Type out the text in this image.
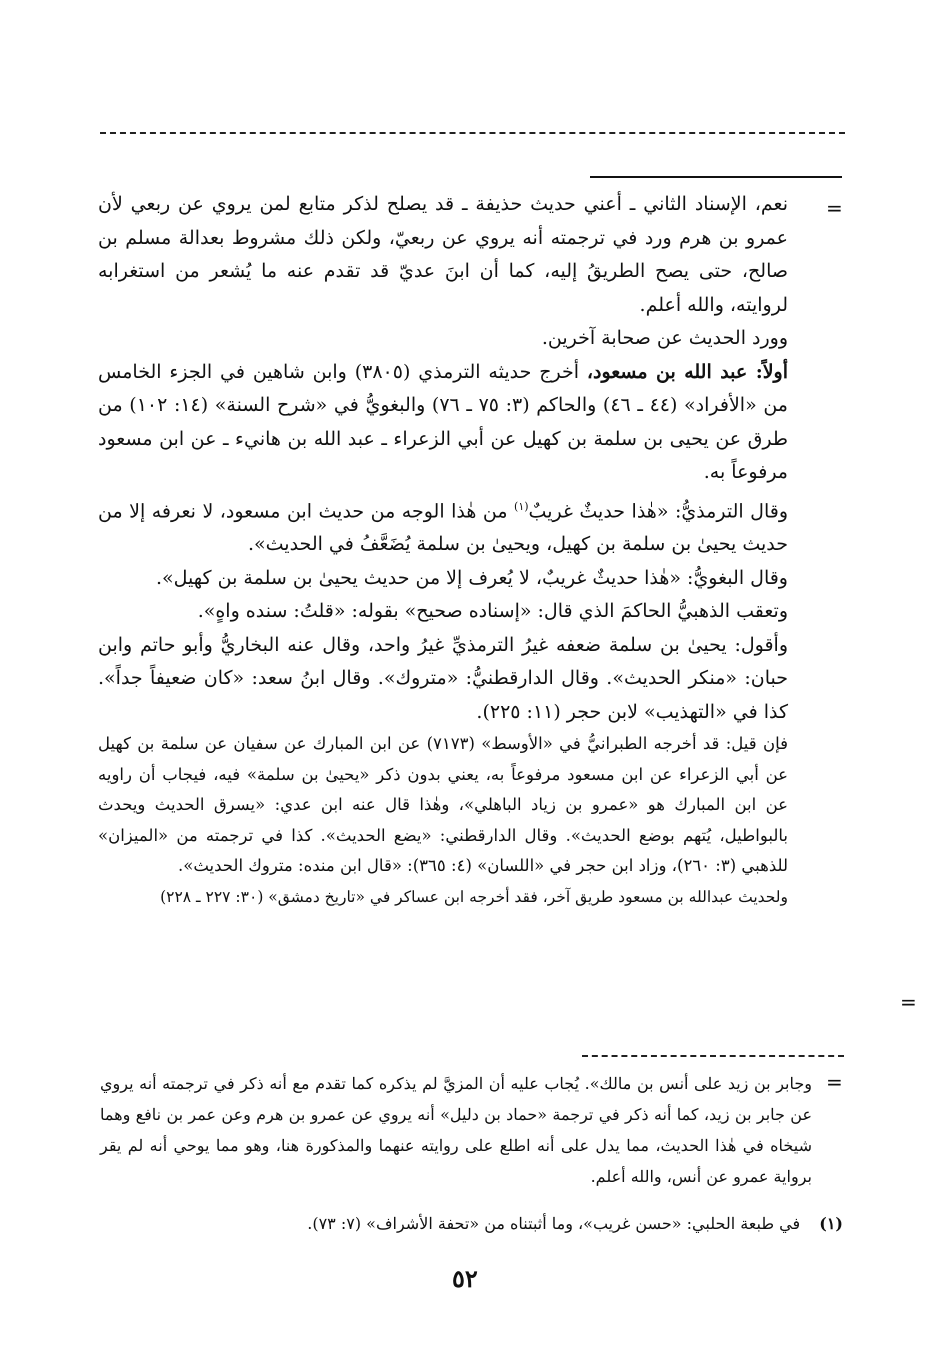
=

نعم، الإسناد الثاني ـ أعني حديث حذيفة ـ قد يصلح لذكر متابع لمن يروي عن ربعي لأن عمرو بن هرم ورد في ترجمته أنه يروي عن ربعيّ، ولكن ذلك مشروط بعدالة مسلم بن صالح، حتى يصح الطريقُ إليه، كما أن ابنَ عديّ قد تقدم عنه ما يُشعر من استغرابه لروايته، والله أعلم.

وورد الحديث عن صحابة آخرين.

أولاً: عبد الله بن مسعود، أخرج حديثه الترمذي (٣٨٠٥) وابن شاهين في الجزء الخامس من «الأفراد» (٤٤ ـ ٤٦) والحاكم (٣: ٧٥ ـ ٧٦) والبغويُّ في «شرح السنة» (١٤: ١٠٢) من طرق عن يحيى بن سلمة بن كهيل عن أبي الزعراء ـ عبد الله بن هانيء ـ عن ابن مسعود مرفوعاً به.

وقال الترمذيُّ: «هٰذا حديثٌ غريبٌ$^{(١)}$ من هٰذا الوجه من حديث ابن مسعود، لا نعرفه إلا من حديث يحيىٰ بن سلمة بن كهيل، ويحيىٰ بن سلمة يُضَعَّفُ في الحديث».

وقال البغويُّ: «هٰذا حديثٌ غريبٌ، لا يُعرف إلا من حديث يحيىٰ بن سلمة بن كهيل».

وتعقب الذهبيُّ الحاكمَ الذي قال: «إسناده صحيح» بقوله: «قلتُ: سنده واهٍ».

وأقول: يحيىٰ بن سلمة ضعفه غيرُ الترمذيِّ غيرُ واحد، وقال عنه البخاريُّ وأبو حاتم وابن حبان: «منكر الحديث». وقال الدارقطنيُّ: «متروك». وقال ابنُ سعد: «كان ضعيفاً جداً». كذا في «التهذيب» لابن حجر (١١: ٢٢٥).

فإن قيل: قد أخرجه الطبرانيُّ في «الأوسط» (٧١٧٣) عن ابن المبارك عن سفيان عن سلمة بن كهيل عن أبي الزعراء عن ابن مسعود مرفوعاً به، يعني بدون ذكر «يحيىٰ بن سلمة» فيه، فيجاب أن راويه عن ابن المبارك هو «عمرو بن زياد الباهلي»، وهٰذا قال عنه ابن عدي: «يسرق الحديث ويحدث بالبواطيل، يُتهم بوضع الحديث». وقال الدارقطني: «يضع الحديث». كذا في ترجمته من «الميزان» للذهبي (٣: ٢٦٠)، وزاد ابن حجر في «اللسان» (٤: ٣٦٥): «قال ابن منده: متروك الحديث».

ولحديث عبدالله بن مسعود طريق آخر، فقد أخرجه ابن عساكر في «تاريخ دمشق» (٣٠: ٢٢٧ ـ ٢٢٨)

=
=

وجابر بن زيد على أنس بن مالك». يُجاب عليه أن المزيَّ لم يذكره كما تقدم مع أنه ذكر في ترجمته أنه يروي عن جابر بن زيد، كما أنه ذكر في ترجمة «حماد بن دليل» أنه يروي عن عمرو بن هرم وعن عمر بن نافع وهما شيخاه في هٰذا الحديث، مما يدل على أنه اطلع على روايته عنهما والمذكورة هنا، وهو مما يوحي أنه لم يقر برواية عمرو عن أنس، والله أعلم.

(١) في طبعة الحلبي: «حسن غريب»، وما أثبتناه من «تحفة الأشراف» (٧: ٧٣).
٥٢
